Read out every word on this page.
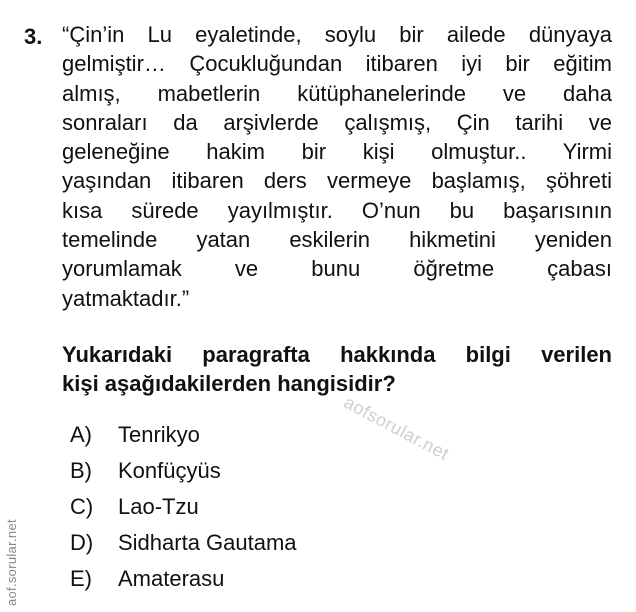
3. “Çin’in Lu eyaletinde, soylu bir ailede dünyaya
gelmiştir… Çocukluğundan itibaren iyi bir eğitim
almış, mabetlerin kütüphanelerinde ve daha
sonraları da arşivlerde çalışmış, Çin tarihi ve
geleneğine hakim bir kişi olmuştur.. Yirmi
yaşından itibaren ders vermeye başlamış, şöhreti
kısa sürede yayılmıştır. O’nun bu başarısının
temelinde yatan eskilerin hikmetini yeniden
yorumlamak ve bunu öğretme çabası
yatmaktadır.”
Yukarıdaki paragrafta hakkında bilgi verilen
kişi aşağıdakilerden hangisidir?
aofsorular.net
A)	Tenrikyo
B)	Konfüçyüs
C)	Lao-Tzu
D)	Sidharta Gautama
E)	Amaterasu
aof.sorular.net
